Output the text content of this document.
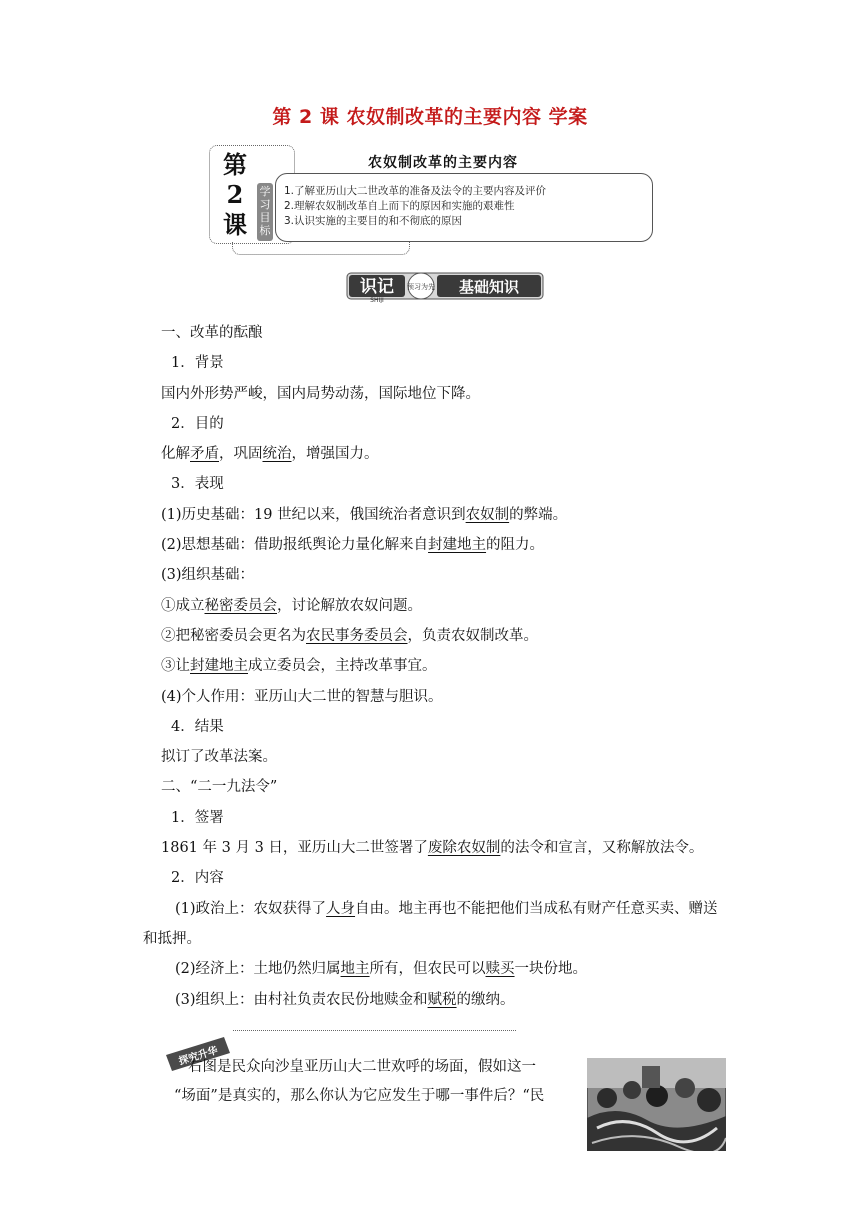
第 2 课 农奴制改革的主要内容 学案
第
2
课
农奴制改革的主要内容
学习目标
1.了解亚历山大二世改革的准备及法令的主要内容及评价
2.理解农奴制改革自上而下的原因和实施的艰难性
3.认识实施的主要目的和不彻底的原因
识记
SHIJI
预习为先 基础知识

一、改革的酝酿

1．背景

国内外形势严峻，国内局势动荡，国际地位下降。

2．目的

化解矛盾，巩固统治，增强国力。

3．表现

(1)历史基础：19 世纪以来，俄国统治者意识到农奴制的弊端。

(2)思想基础：借助报纸舆论力量化解来自封建地主的阻力。

(3)组织基础：

①成立秘密委员会，讨论解放农奴问题。

②把秘密委员会更名为农民事务委员会，负责农奴制改革。

③让封建地主成立委员会，主持改革事宜。

(4)个人作用：亚历山大二世的智慧与胆识。

4．结果

拟订了改革法案。

二、“二一九法令”

1．签署

1861 年 3 月 3 日，亚历山大二世签署了废除农奴制的法令和宣言，又称解放法令。

2．内容

(1)政治上：农奴获得了人身自由。地主再也不能把他们当成私有财产任意买卖、赠送

和抵押。

(2)经济上：土地仍然归属地主所有，但农民可以赎买一块份地。

(3)组织上：由村社负责农民份地赎金和赋税的缴纳。

探究升华
右图是民众向沙皇亚历山大二世欢呼的场面，假如这一
“场面”是真实的，那么你认为它应发生于哪一事件后？“民
